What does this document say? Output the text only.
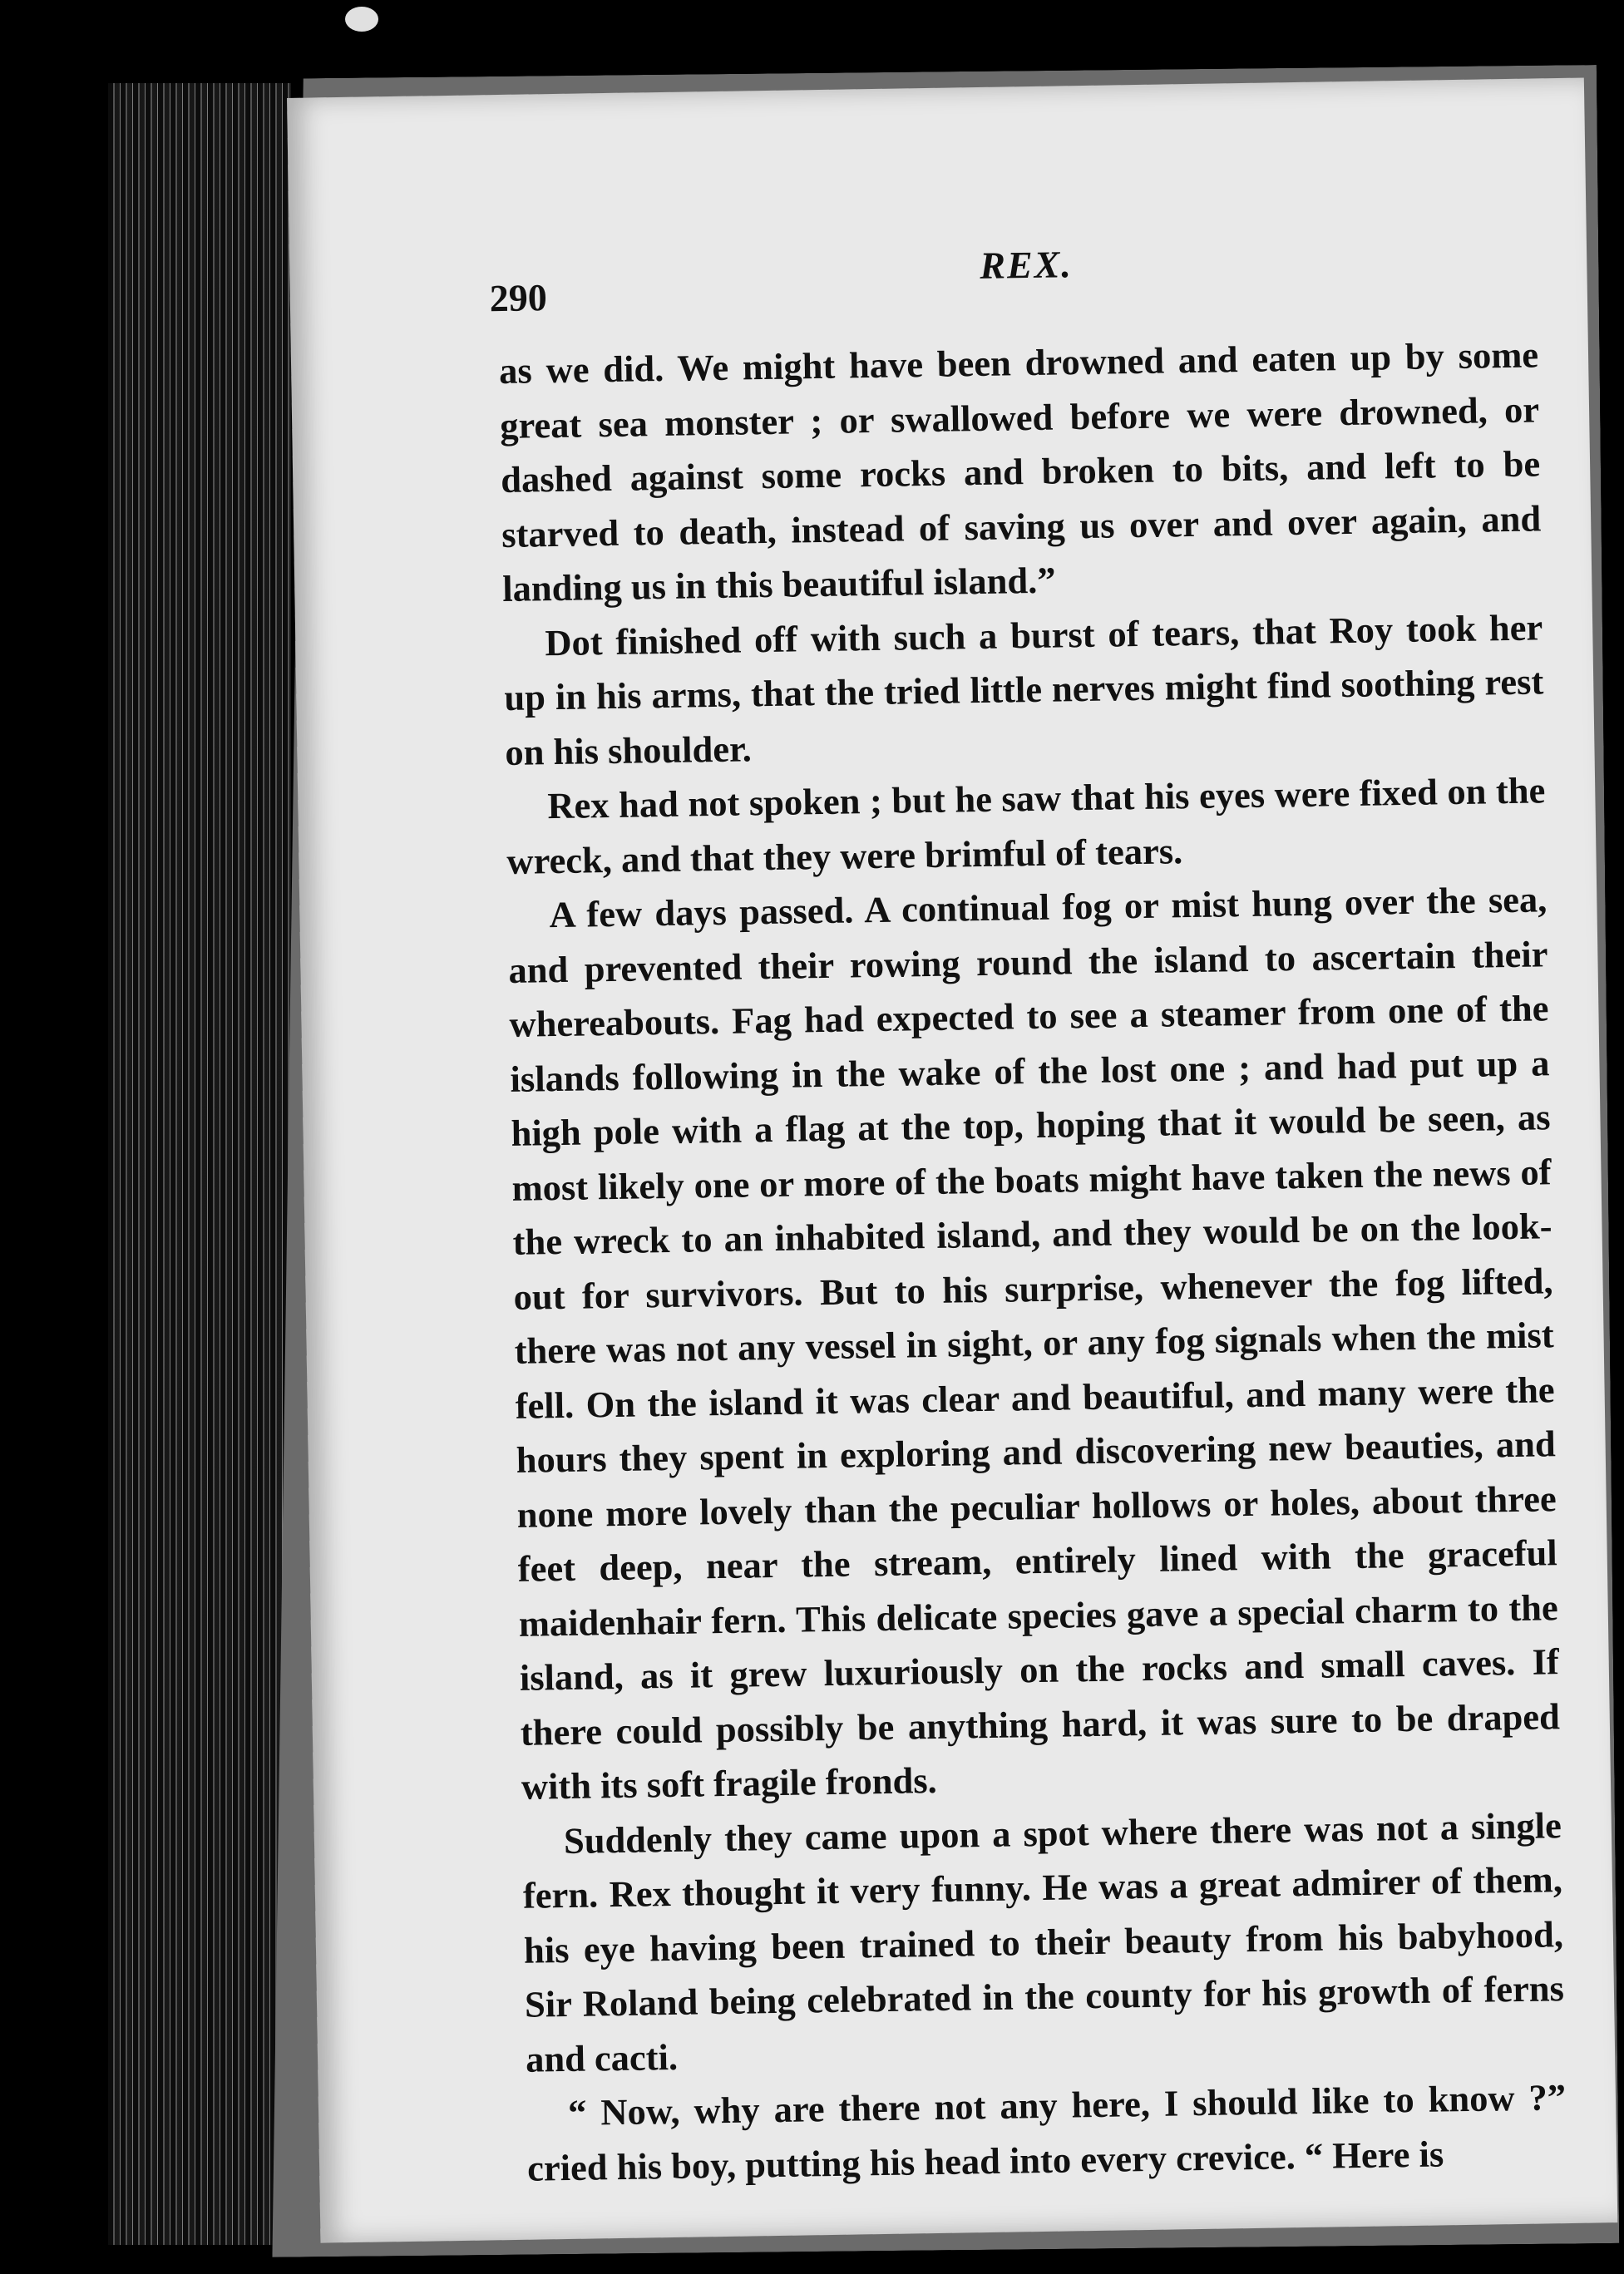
290
REX.

as we did. We might have been drowned and eaten up by some great sea monster ; or swallowed before we were drowned, or dashed against some rocks and broken to bits, and left to be starved to death, instead of saving us over and over again, and landing us in this beautiful island.”

Dot finished off with such a burst of tears, that Roy took her up in his arms, that the tried little nerves might find soothing rest on his shoulder.

Rex had not spoken ; but he saw that his eyes were fixed on the wreck, and that they were brimful of tears.

A few days passed. A continual fog or mist hung over the sea, and prevented their rowing round the island to ascertain their whereabouts. Fag had expected to see a steamer from one of the islands following in the wake of the lost one ; and had put up a high pole with a flag at the top, hoping that it would be seen, as most likely one or more of the boats might have taken the news of the wreck to an inhabited island, and they would be on the look-out for survivors. But to his surprise, whenever the fog lifted, there was not any vessel in sight, or any fog signals when the mist fell. On the island it was clear and beautiful, and many were the hours they spent in exploring and discovering new beauties, and none more lovely than the peculiar hollows or holes, about three feet deep, near the stream, entirely lined with the graceful maidenhair fern. This delicate species gave a special charm to the island, as it grew luxuriously on the rocks and small caves. If there could possibly be anything hard, it was sure to be draped with its soft fragile fronds.

Suddenly they came upon a spot where there was not a single fern. Rex thought it very funny. He was a great admirer of them, his eye having been trained to their beauty from his babyhood, Sir Roland being celebrated in the county for his growth of ferns and cacti.

“ Now, why are there not any here, I should like to know ?” cried his boy, putting his head into every crevice. “ Here is
